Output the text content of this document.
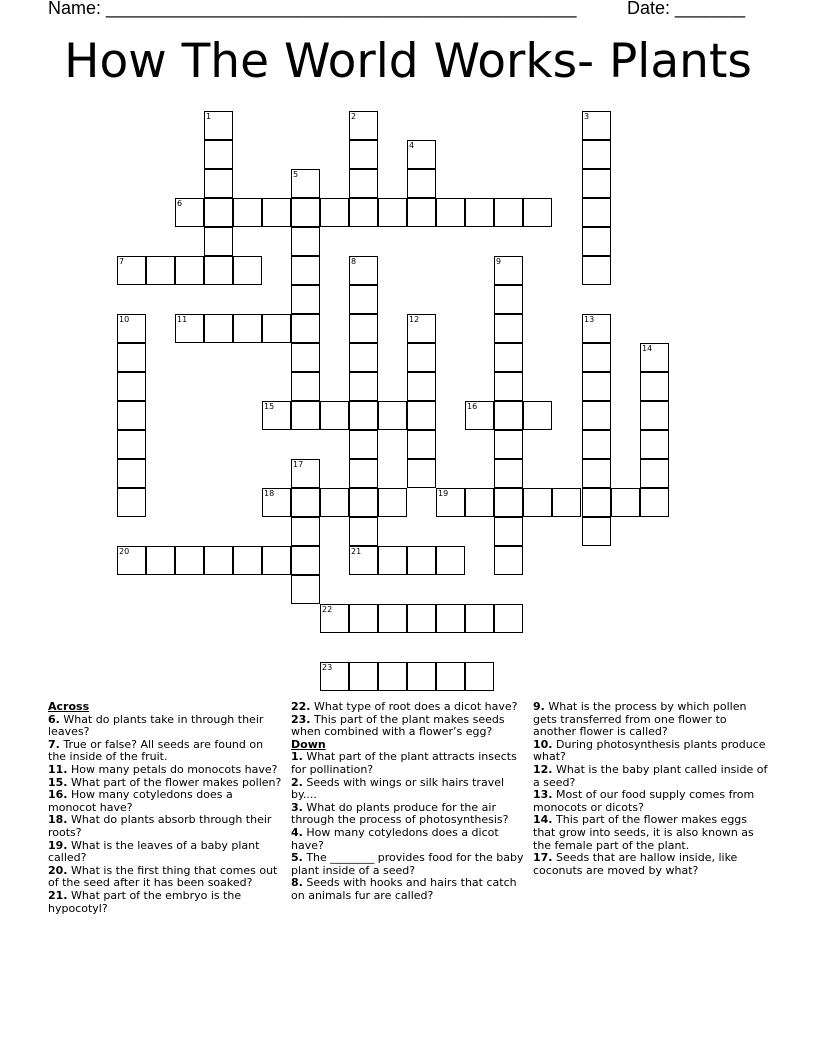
Name: _______________________________________________	Date: _______
How The World Works- Plants
1	2	3
4
5
6
7	8	9
10	11	12	13
14
15	16
17
18	19
20	21
22
23
Across
6. What do plants take in through their leaves?
7. True or false? All seeds are found on the inside of the fruit.
11. How many petals do monocots have?
15. What part of the flower makes pollen?
16. How many cotyledons does a monocot have?
18. What do plants absorb through their roots?
19. What is the leaves of a baby plant called?
20. What is the first thing that comes out of the seed after it has been soaked?
21. What part of the embryo is the hypocotyl?
22. What type of root does a dicot have?
23. This part of the plant makes seeds when combined with a flower’s egg?
Down
1. What part of the plant attracts insects for pollination?
2. Seeds with wings or silk hairs travel by....
3. What do plants produce for the air through the process of photosynthesis?
4. How many cotyledons does a dicot have?
5. The ________ provides food for the baby plant inside of a seed?
8. Seeds with hooks and hairs that catch on animals fur are called?
9. What is the process by which pollen gets transferred from one flower to another flower is called?
10. During photosynthesis plants produce what?
12. What is the baby plant called inside of a seed?
13. Most of our food supply comes from monocots or dicots?
14. This part of the flower makes eggs that grow into seeds, it is also known as the female part of the plant.
17. Seeds that are hallow inside, like coconuts are moved by what?
